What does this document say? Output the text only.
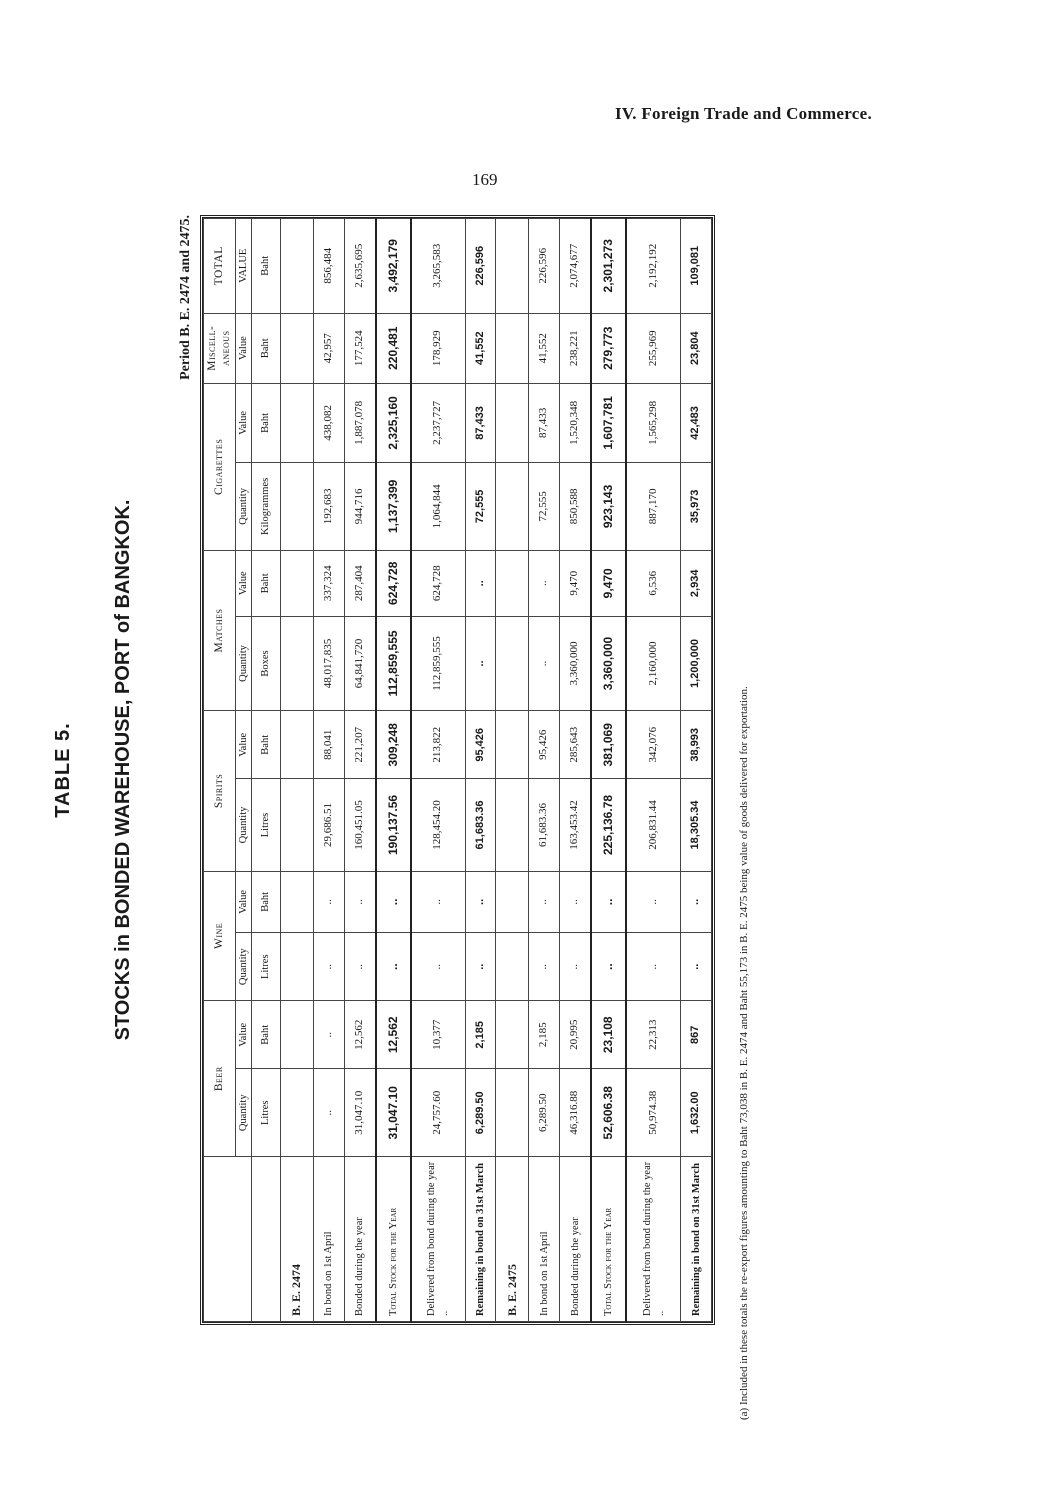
IV. Foreign Trade and Commerce.
169
TABLE 5. STOCKS in BONDED WAREHOUSE, PORT of BANGKOK.
Period B. E. 2474 and 2475.
	Beer		Wine		Spirits		Matches		Cigarettes		Miscell-aneous	TOTAL
	Quantity	Value	Quantity	Value	Quantity	Value	Quantity	Value	Quantity	Value	Value	VALUE
	Litres	Baht	Litres	Baht	Litres	Baht	Boxes	Baht	Kilogrammes	Baht	Baht	Baht
B. E. 2474												
In bond on 1st April	..	..	..	..	29,686.51	88,041	48,017,835	337,324	192,683	438,082	42,957	856,484
Bonded during the year	31,047.10	12,562	..	..	160,451.05	221,207	64,841,720	287,404	944,716	1,887,078	177,524	2,635,695
Total Stock for the Year	31,047.10	12,562	..	..	190,137.56	309,248	112,859,555	624,728	1,137,399	2,325,160	220,481	3,492,179
Delivered from bond during the year ..	24,757.60	10,377	..	..	128,454.20	213,822	112,859,555	624,728	1,064,844	2,237,727	178,929	3,265,583
Remaining in bond on 31st March	6,289.50	2,185	..	..	61,683.36	95,426	..	..	72,555	87,433	41,552	226,596
B. E. 2475												
In bond on 1st April	6,289.50	2,185	..	..	61,683.36	95,426	..	..	72,555	87,433	41,552	226,596
Bonded during the year	46,316.88	20,995	..	..	163,453.42	285,643	3,360,000	9,470	850,588	1,520,348	238,221	2,074,677
Total Stock for the Year	52,606.38	23,108	..	..	225,136.78	381,069	3,360,000	9,470	923,143	1,607,781	279,773	2,301,273
Delivered from bond during the year ..	50,974.38	22,313	..	..	206,831.44	342,076	2,160,000	6,536	887,170	1,565,298	255,969	2,192,192
Remaining in bond on 31st March	1,632.00	867	..	..	18,305.34	38,993	1,200,000	2,934	35,973	42,483	23,804	109,081
(a) Included in these totals the re-export figures amounting to Baht 73,038 in B. E. 2474 and Baht 55,173 in B. E. 2475 being value of goods delivered for exportation.
